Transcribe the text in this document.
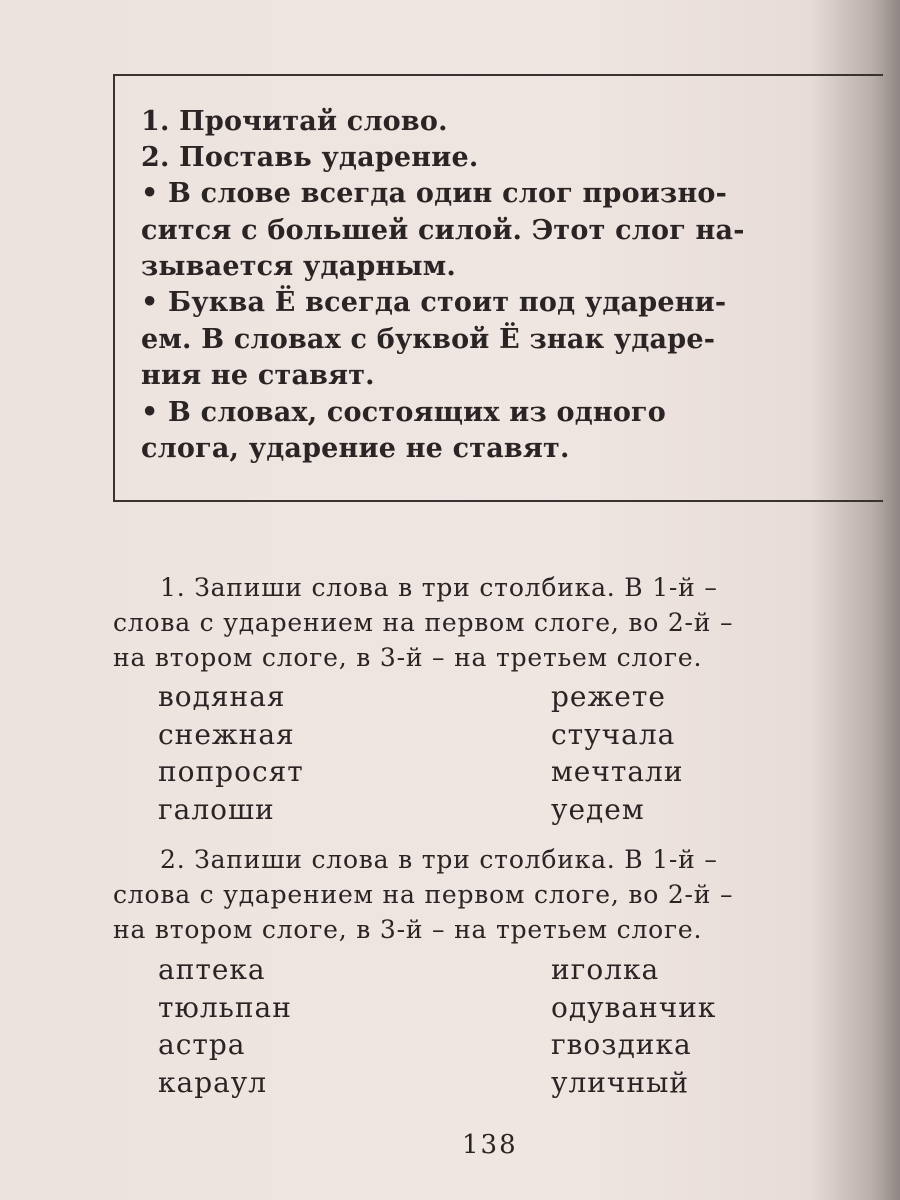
1. Прочитай слово.
2. Поставь ударение.
• В слове всегда один слог произно-
сится с большей силой. Этот слог на-
зывается ударным.
• Буква Ё всегда стоит под ударени-
ем. В словах с буквой Ё знак ударе-
ния не ставят.
• В словах, состоящих из одного
слога, ударение не ставят.
1. Запиши слова в три столбика. В 1-й –
слова с ударением на первом слоге, во 2-й –
на втором слоге, в 3-й – на третьем слоге.
водяная
снежная
попросят
галоши
режете
стучала
мечтали
уедем
2. Запиши слова в три столбика. В 1-й –
слова с ударением на первом слоге, во 2-й –
на втором слоге, в 3-й – на третьем слоге.
аптека
тюльпан
астра
караул
иголка
одуванчик
гвоздика
уличный
138
